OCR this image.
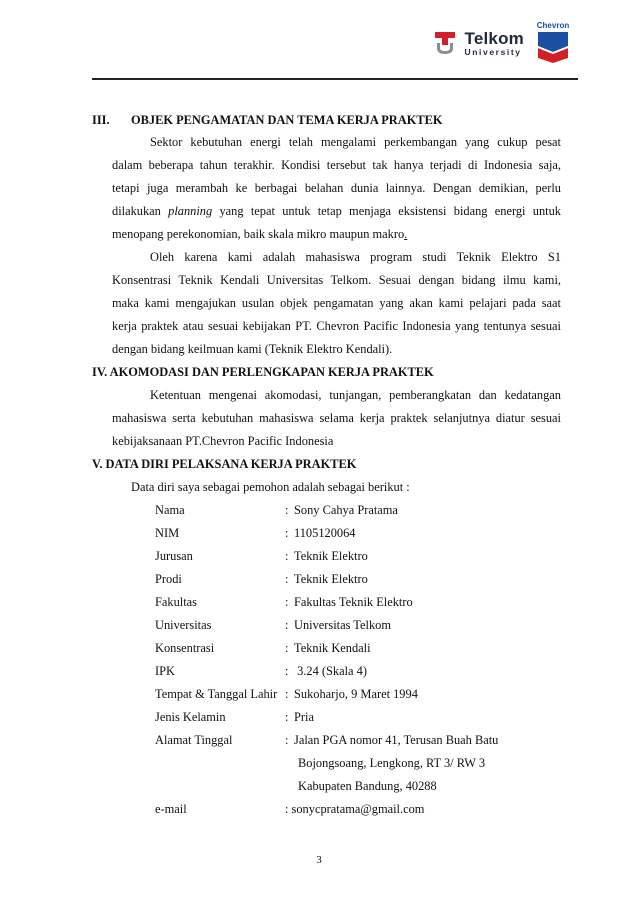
Telkom
University
Chevron
III. OBJEK PENGAMATAN DAN TEMA KERJA PRAKTEK
Sektor kebutuhan energi telah mengalami perkembangan yang cukup pesat
dalam beberapa tahun terakhir. Kondisi tersebut tak hanya terjadi di Indonesia saja,
tetapi juga merambah ke berbagai belahan dunia lainnya. Dengan demikian, perlu
dilakukan planning yang tepat untuk tetap menjaga eksistensi bidang energi untuk
menopang perekonomian, baik skala mikro maupun makro.
Oleh karena kami adalah mahasiswa program studi Teknik Elektro S1
Konsentrasi Teknik Kendali Universitas Telkom. Sesuai dengan bidang ilmu kami,
maka kami mengajukan usulan objek pengamatan yang akan kami pelajari pada saat
kerja praktek atau sesuai kebijakan PT. Chevron Pacific Indonesia yang tentunya sesuai
dengan bidang keilmuan kami (Teknik Elektro Kendali).
IV. AKOMODASI DAN PERLENGKAPAN KERJA PRAKTEK
Ketentuan mengenai akomodasi, tunjangan, pemberangkatan dan kedatangan
mahasiswa serta kebutuhan mahasiswa selama kerja praktek selanjutnya diatur sesuai
kebijaksanaan PT.Chevron Pacific Indonesia
V. DATA DIRI PELAKSANA KERJA PRAKTEK
Data diri saya sebagai pemohon adalah sebagai berikut :
Nama	: Sony Cahya Pratama
NIM	: 1105120064
Jurusan	: Teknik Elektro
Prodi	: Teknik Elektro
Fakultas	: Fakultas Teknik Elektro
Universitas	: Universitas Telkom
Konsentrasi	: Teknik Kendali
IPK	: 3.24 (Skala 4)
Tempat & Tanggal Lahir : Sukoharjo, 9 Maret 1994
Jenis Kelamin	: Pria
Alamat Tinggal	: Jalan PGA nomor 41, Terusan Buah Batu
Bojongsoang, Lengkong, RT 3/ RW 3
Kabupaten Bandung, 40288
e-mail	: sonycpratama@gmail.com
3
